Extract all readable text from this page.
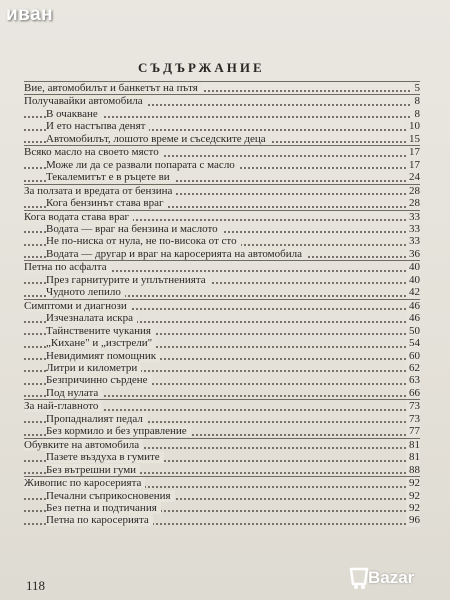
иван
СЪДЪРЖАНИЕ
Вие, автомобилът и банкетът на пътя	5
Получавайки автомобила	8
В очакване	8
И ето настъпва денят	10
Автомобилът, лошото време и съседските деца	15
Всяко масло на своето място	17
Може ли да се развали попарата с масло	17
Текалемитът е в ръцете ви	24
За ползата и вредата от бензина	28
Кога бензинът става враг	28
Кога водата става враг	33
Водата — враг на бензина и маслото	33
Не по-ниска от нула, не по-висока от сто	33
Водата — другар и враг на каросерията на автомобила	36
Петна по асфалта	40
През гарнитурите и уплътненията	40
Чудното лепило	42
Симптоми и диагнози	46
Изчезналата искра	46
Тайнствените чукания	50
„Кихане" и „изстрели"	54
Невидимият помощник	60
Литри и километри	62
Безпричинно сърдене	63
Под нулата	66
За най-главното	73
Пропадналият педал	73
Без кормило и без управление	77
Обувките на автомобила	81
Пазете въздуха в гумите	81
Без вътрешни гуми	88
Живопис по каросерията	92
Печални съприкосновения	92
Без петна и подтичания	92
Петна по каросерията	96
118	Bazar
